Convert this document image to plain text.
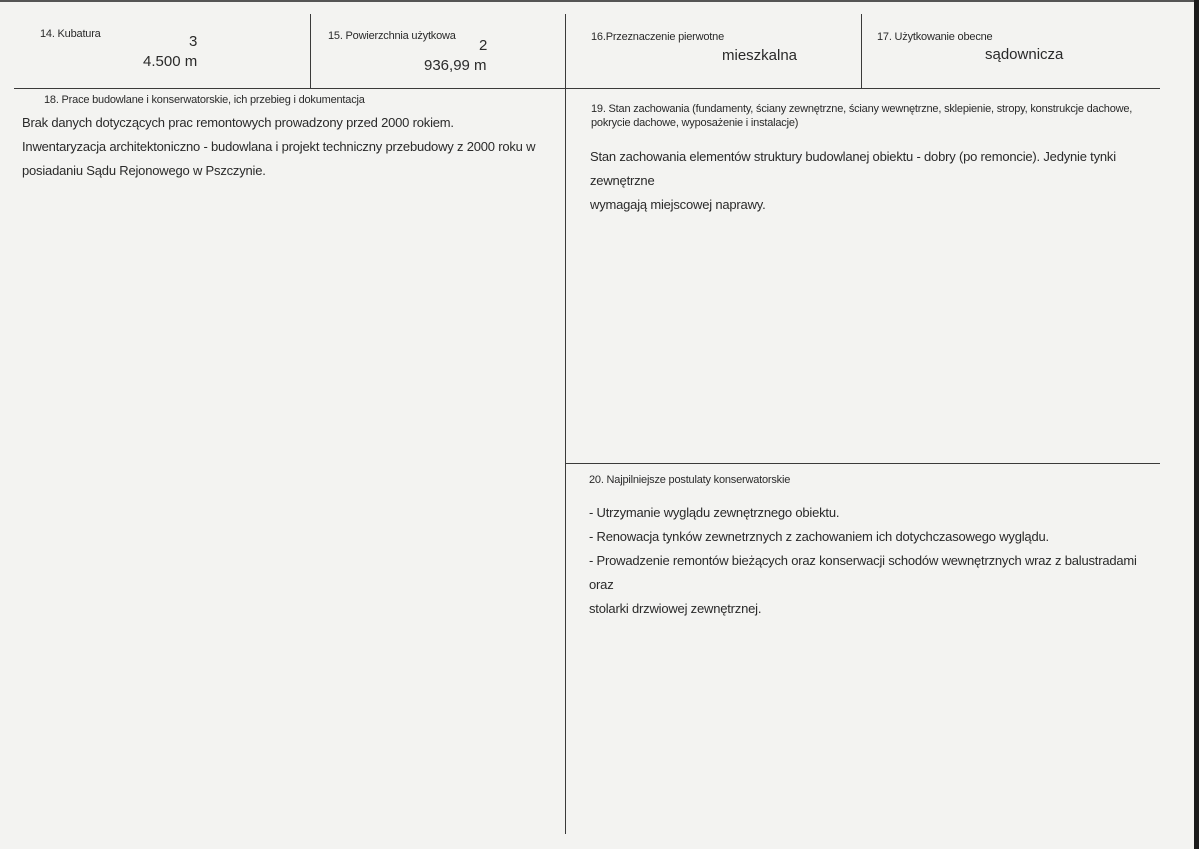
14. Kubatura	3
4.500 m
15. Powierzchnia użytkowa
2
936,99 m
16.Przeznaczenie pierwotne
mieszkalna
17. Użytkowanie obecne
sądownicza
18. Prace budowlane i konserwatorskie, ich przebieg i dokumentacja

Brak danych dotyczących prac remontowych prowadzony przed 2000 rokiem.

Inwentaryzacja architektoniczno - budowlana i projekt techniczny przebudowy z 2000 roku w

posiadaniu Sądu Rejonowego w Pszczynie.

19. Stan zachowania (fundamenty, ściany zewnętrzne, ściany wewnętrzne, sklepienie, stropy, konstrukcje dachowe,
pokrycie dachowe, wyposażenie i instalacje)

Stan zachowania elementów struktury budowlanej obiektu - dobry (po remoncie). Jedynie tynki zewnętrzne

wymagają miejscowej naprawy.

20. Najpilniejsze postulaty konserwatorskie

- Utrzymanie wyglądu zewnętrznego obiektu.

- Renowacja tynków zewnetrznych z zachowaniem ich dotychczasowego wyglądu.

- Prowadzenie remontów bieżących oraz konserwacji schodów wewnętrznych wraz z balustradami oraz

stolarki drzwiowej zewnętrznej.
